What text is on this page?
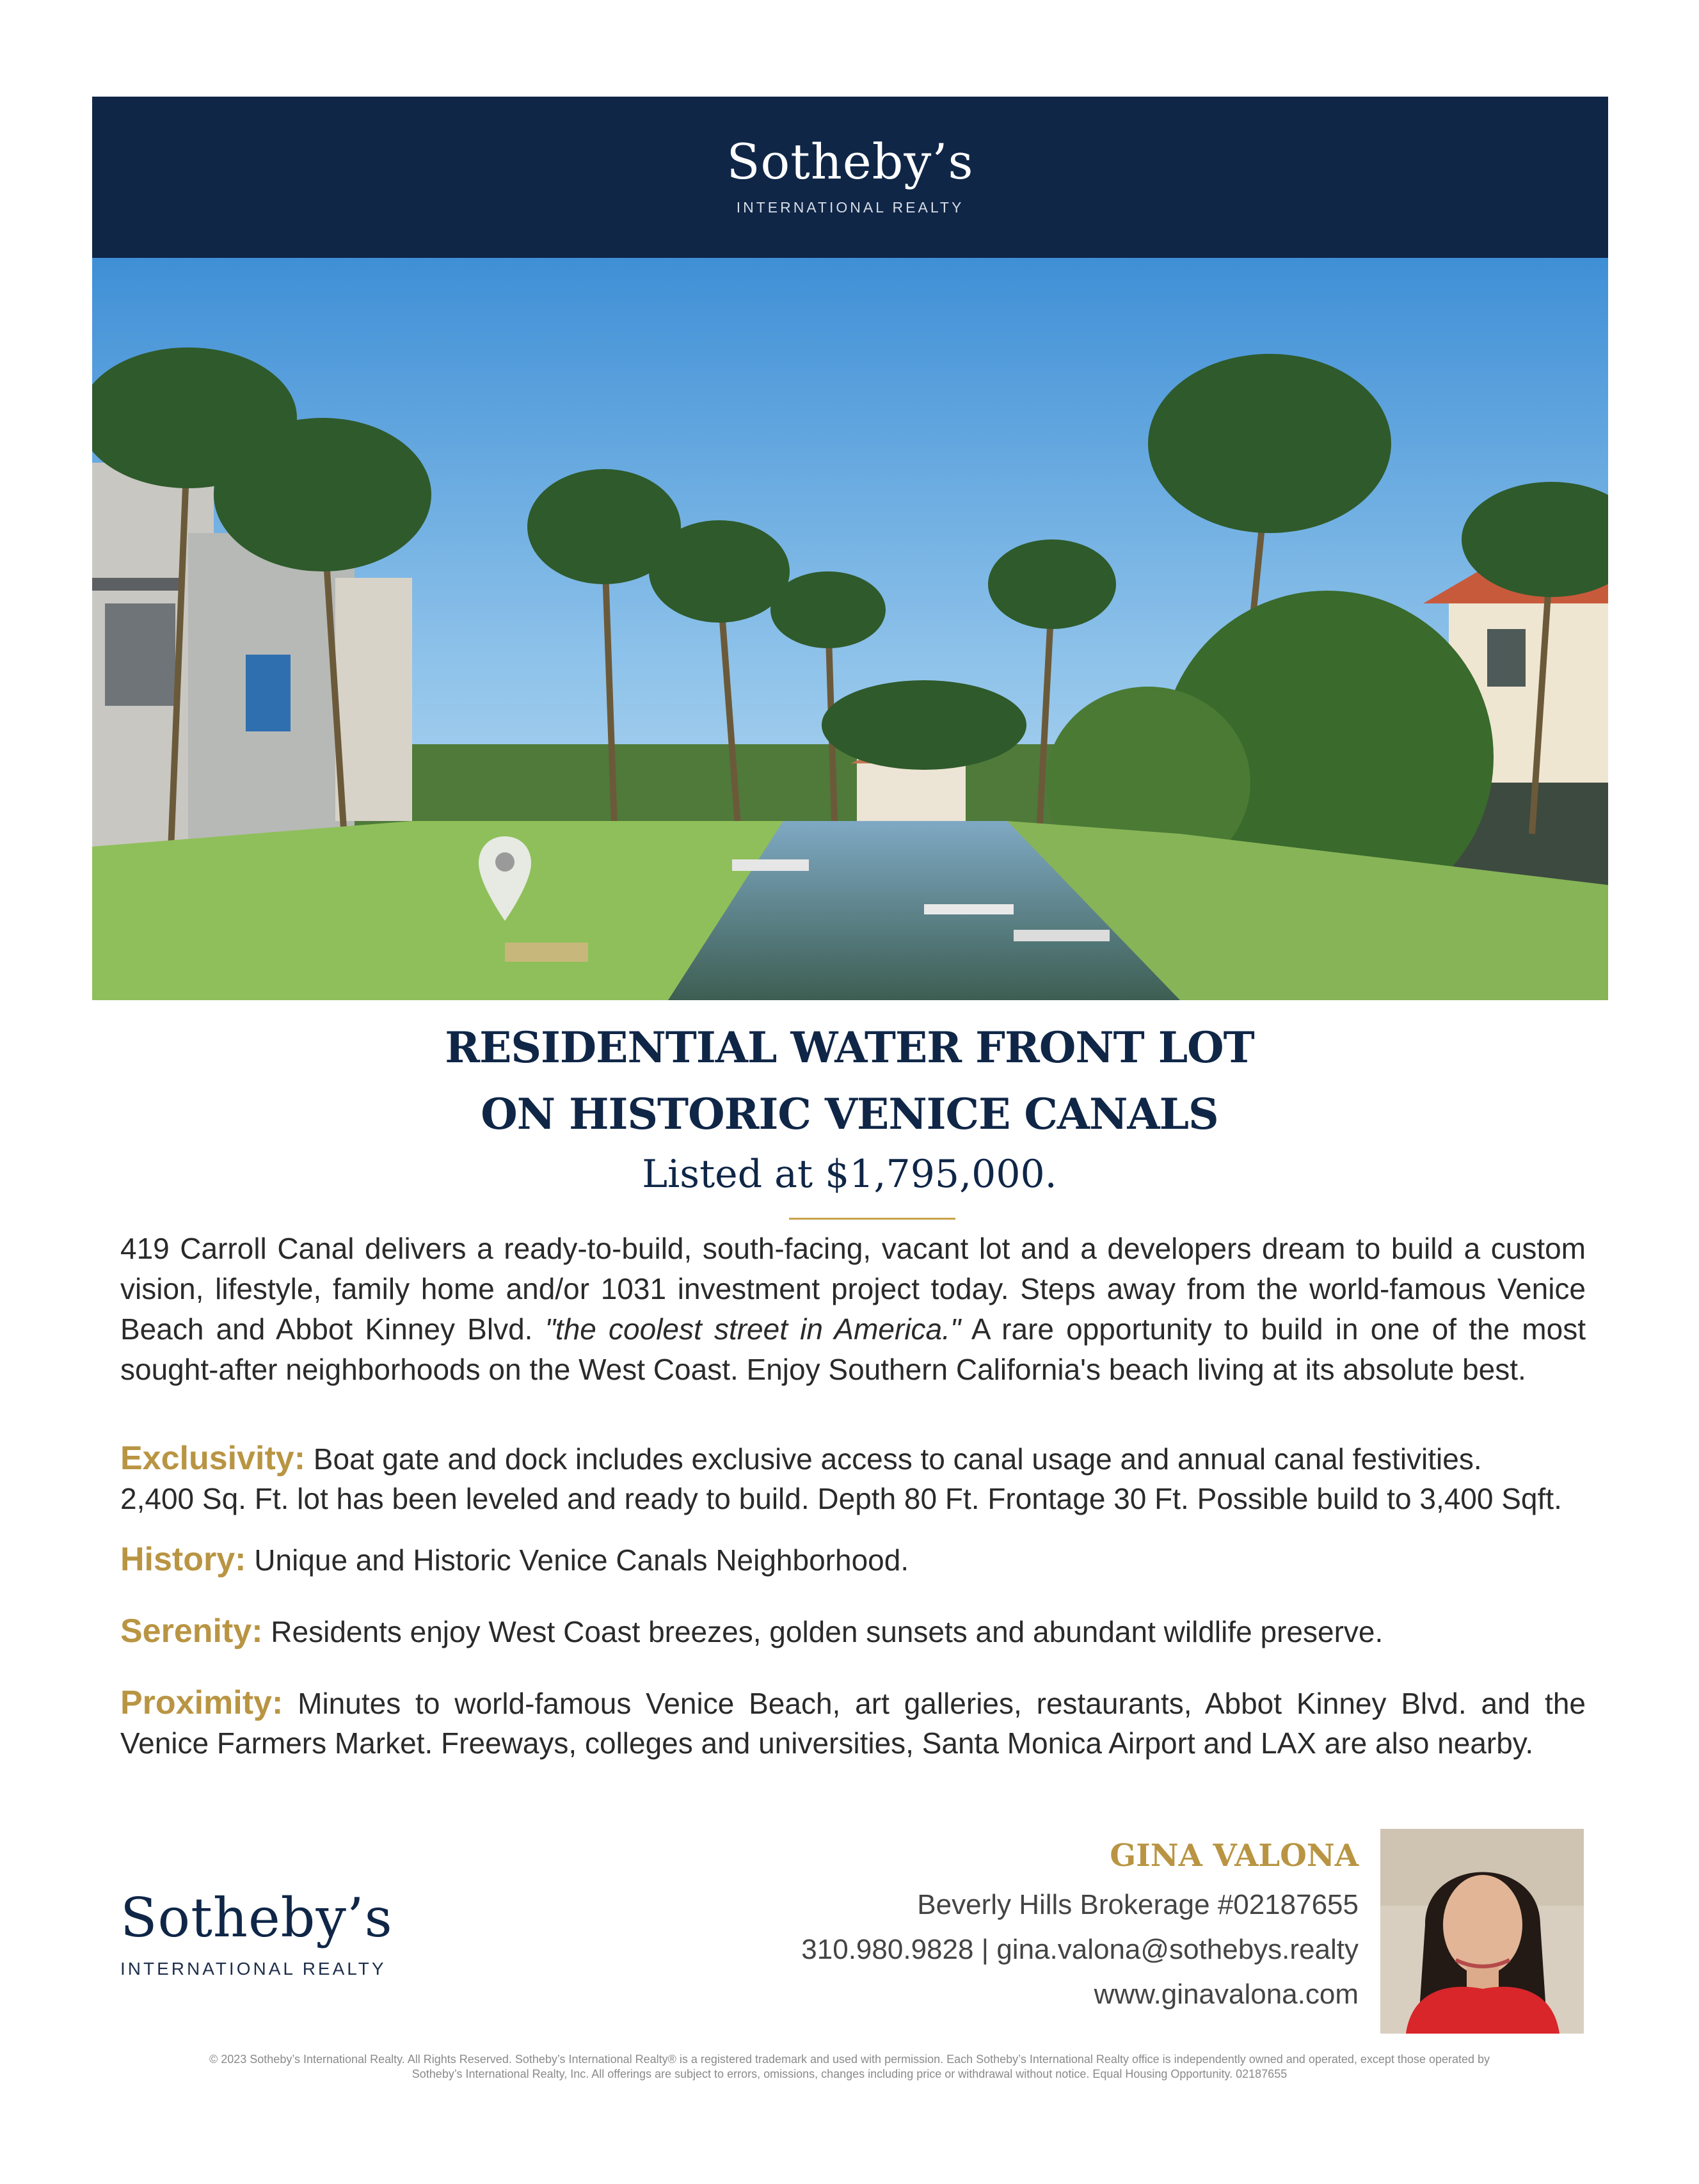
Sotheby’s
INTERNATIONAL REALTY
RESIDENTIAL WATER FRONT LOT
ON HISTORIC VENICE CANALS
Listed at $1,795,000.
419 Carroll Canal delivers a ready-to-build, south-facing, vacant lot and a developers dream to build a custom vision, lifestyle, family home and/or 1031 investment project today. Steps away from the world-famous Venice Beach and Abbot Kinney Blvd. "the coolest street in America." A rare opportunity to build in one of the most sought-after neighborhoods on the West Coast. Enjoy Southern California's beach living at its absolute best.
Exclusivity: Boat gate and dock includes exclusive access to canal usage and annual canal festivities.
2,400 Sq. Ft. lot has been leveled and ready to build. Depth 80 Ft. Frontage 30 Ft. Possible build to 3,400 Sqft.
History: Unique and Historic Venice Canals Neighborhood.
Serenity: Residents enjoy West Coast breezes, golden sunsets and abundant wildlife preserve.
Proximity: Minutes to world-famous Venice Beach, art galleries, restaurants, Abbot Kinney Blvd. and the Venice Farmers Market. Freeways, colleges and universities, Santa Monica Airport and LAX are also nearby.
Sotheby’s
INTERNATIONAL REALTY
GINA VALONA
Beverly Hills Brokerage #02187655
310.980.9828 | gina.valona@sothebys.realty
www.ginavalona.com
© 2023 Sotheby’s International Realty. All Rights Reserved. Sotheby’s International Realty® is a registered trademark and used with permission. Each Sotheby’s International Realty office is independently owned and operated, except those operated by
Sotheby’s International Realty, Inc. All offerings are subject to errors, omissions, changes including price or withdrawal without notice. Equal Housing Opportunity. 02187655
